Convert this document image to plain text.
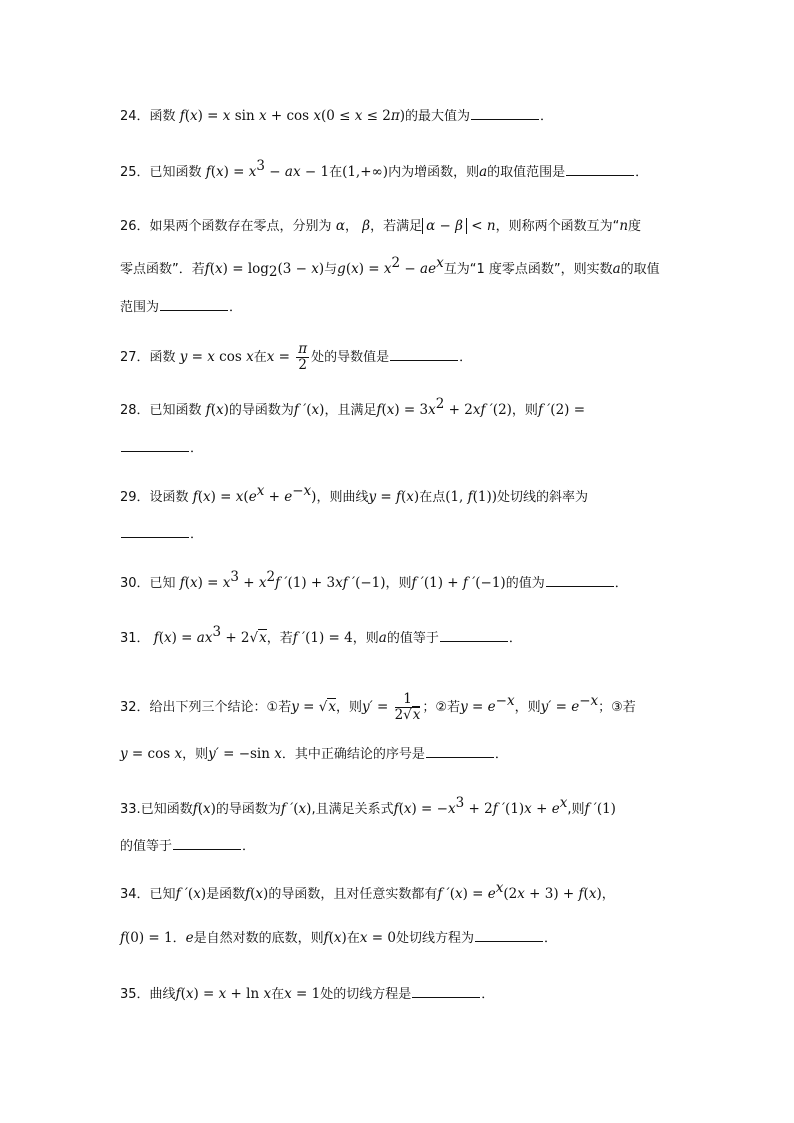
24．函数 f(x) = x sin x + cos x(0 ≤ x ≤ 2π)的最大值为	．
25．已知函数 $f(x) = x^3$ − ax − 1在(1,+∞)内为增函数，则a的取值范围是	．
26．如果两个函数存在零点，分别为 α， β，若满足 α − β < n，则称两个函数互为“n度
零点函数”．若$f(x) = \log_2(3 - x)$与$g(x) = x^2 - ae^x$互为“1 度零点函数”，则实数a的取值
范围为	．
27．函数 y = x cos x在$x = \frac{\pi}{2}$ 处的导数值是	．
28．已知函数 f(x)的导函数为f ′(x)，且满足$f(x) = 3x^2 + 2xf$ ′(2)，则f ′(2) =
．
29．设函数 $f(x) = x(e^x + e^{-x})$，则曲线y = f(x)在点(1, f(1))处切线的斜率为
．
30．已知 $f(x) = x^3 + x^2f$ ′(1) + 3xf ′(−1)，则f ′(1) + f ′(−1)的值为	．
31． $f(x) = ax^3 + 2√x$，若f ′(1) = 4，则a的值等于	．
32．给出下列三个结论：①若y = √x，则$y' = \frac{1}{2√x}$ ；②若$y = e^{-x}$，则$y' = e^{-x}$；③若
y = cos x，则y′ = −sin x．其中正确结论的序号是	．
33.已知函数f(x)的导函数为f ′(x),且满足关系式$f(x) = -x^3 + 2f$ $'(1)x + e^x$,则f ′(1)
的值等于	．
34．已知f ′(x)是函数f(x)的导函数，且对任意实数都有f $'(x) = e^x(2x + 3) + f(x)$，
f(0) = 1．e是自然对数的底数，则f(x)在x = 0处切线方程为	．
35．曲线f(x) = x + ln x在x = 1处的切线方程是	．
